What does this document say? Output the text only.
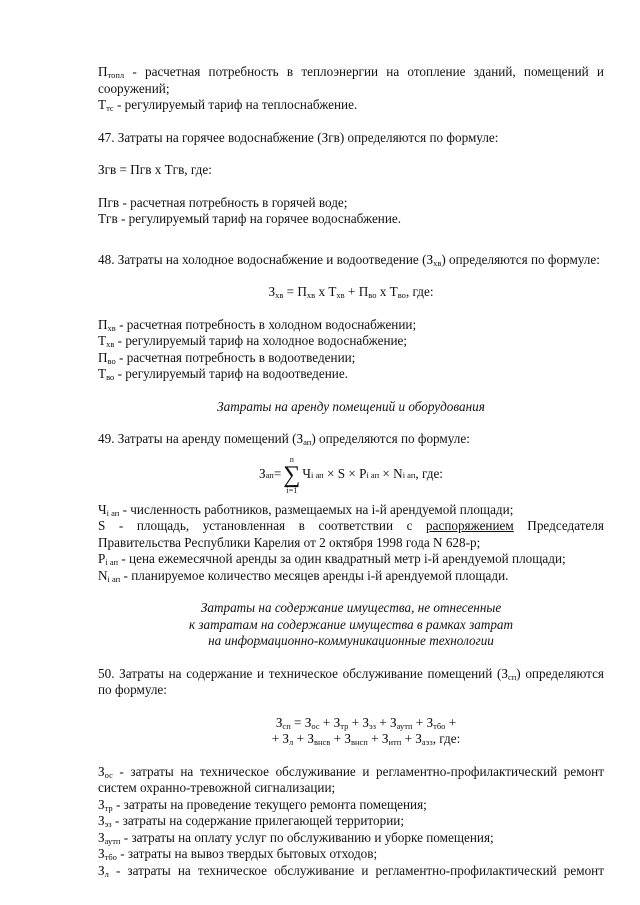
$П_{топл}$ - расчетная потребность в теплоэнергии на отопление зданий, помещений и сооружений;

$Т_{тс}$ - регулируемый тариф на теплоснабжение.

47. Затраты на горячее водоснабжение (Згв) определяются по формуле:

Згв = Пгв x Тгв, где:

Пгв - расчетная потребность в горячей воде;

Тгв - регулируемый тариф на горячее водоснабжение.

48. Затраты на холодное водоснабжение и водоотведение $(З_{хв})$ определяются по формуле:

$З_{хв} = П_{хв}$ x $Т_{хв} + П_{во}$ x $Т_{во}$, где:

$П_{хв}$ - расчетная потребность в холодном водоснабжении;

$Т_{хв}$ - регулируемый тариф на холодное водоснабжение;

$П_{во}$ - расчетная потребность в водоотведении;

$Т_{во}$ - регулируемый тариф на водоотведение.

Затраты на аренду помещений и оборудования

49. Затраты на аренду помещений $(З_{ап})$ определяются по формуле:

З ап =
n
∑
i=1
Ч i ап × S × P i ап × N i ап , где:

$Ч_{i ап}$ - численность работников, размещаемых на i-й арендуемой площади;

S - площадь, установленная в соответствии с распоряжением Председателя Правительства Республики Карелия от 2 октября 1998 года N 628-р;

$P_{i ап}$ - цена ежемесячной аренды за один квадратный метр i-й арендуемой площади;

$N_{i ап}$ - планируемое количество месяцев аренды i-й арендуемой площади.

Затраты на содержание имущества, не отнесенные

к затратам на содержание имущества в рамках затрат

на информационно-коммуникационные технологии

50. Затраты на содержание и техническое обслуживание помещений $(З_{сп})$ определяются по формуле:

$З_{сп} = З_{ос} + З_{тр} + З_{эз} + З_{аутп} + З_{тбо}$ +

+ $З_л + З_{внсв} + З_{внсп} + З_{итп} + З_{аэз}$, где:

$З_{ос}$ - затраты на техническое обслуживание и регламентно-профилактический ремонт систем охранно-тревожной сигнализации;

$З_{тр}$ - затраты на проведение текущего ремонта помещения;

$З_{эз}$ - затраты на содержание прилегающей территории;

$З_{аутп}$ - затраты на оплату услуг по обслуживанию и уборке помещения;

$З_{тбо}$ - затраты на вывоз твердых бытовых отходов;

$З_л$ - затраты на техническое обслуживание и регламентно-профилактический ремонт
